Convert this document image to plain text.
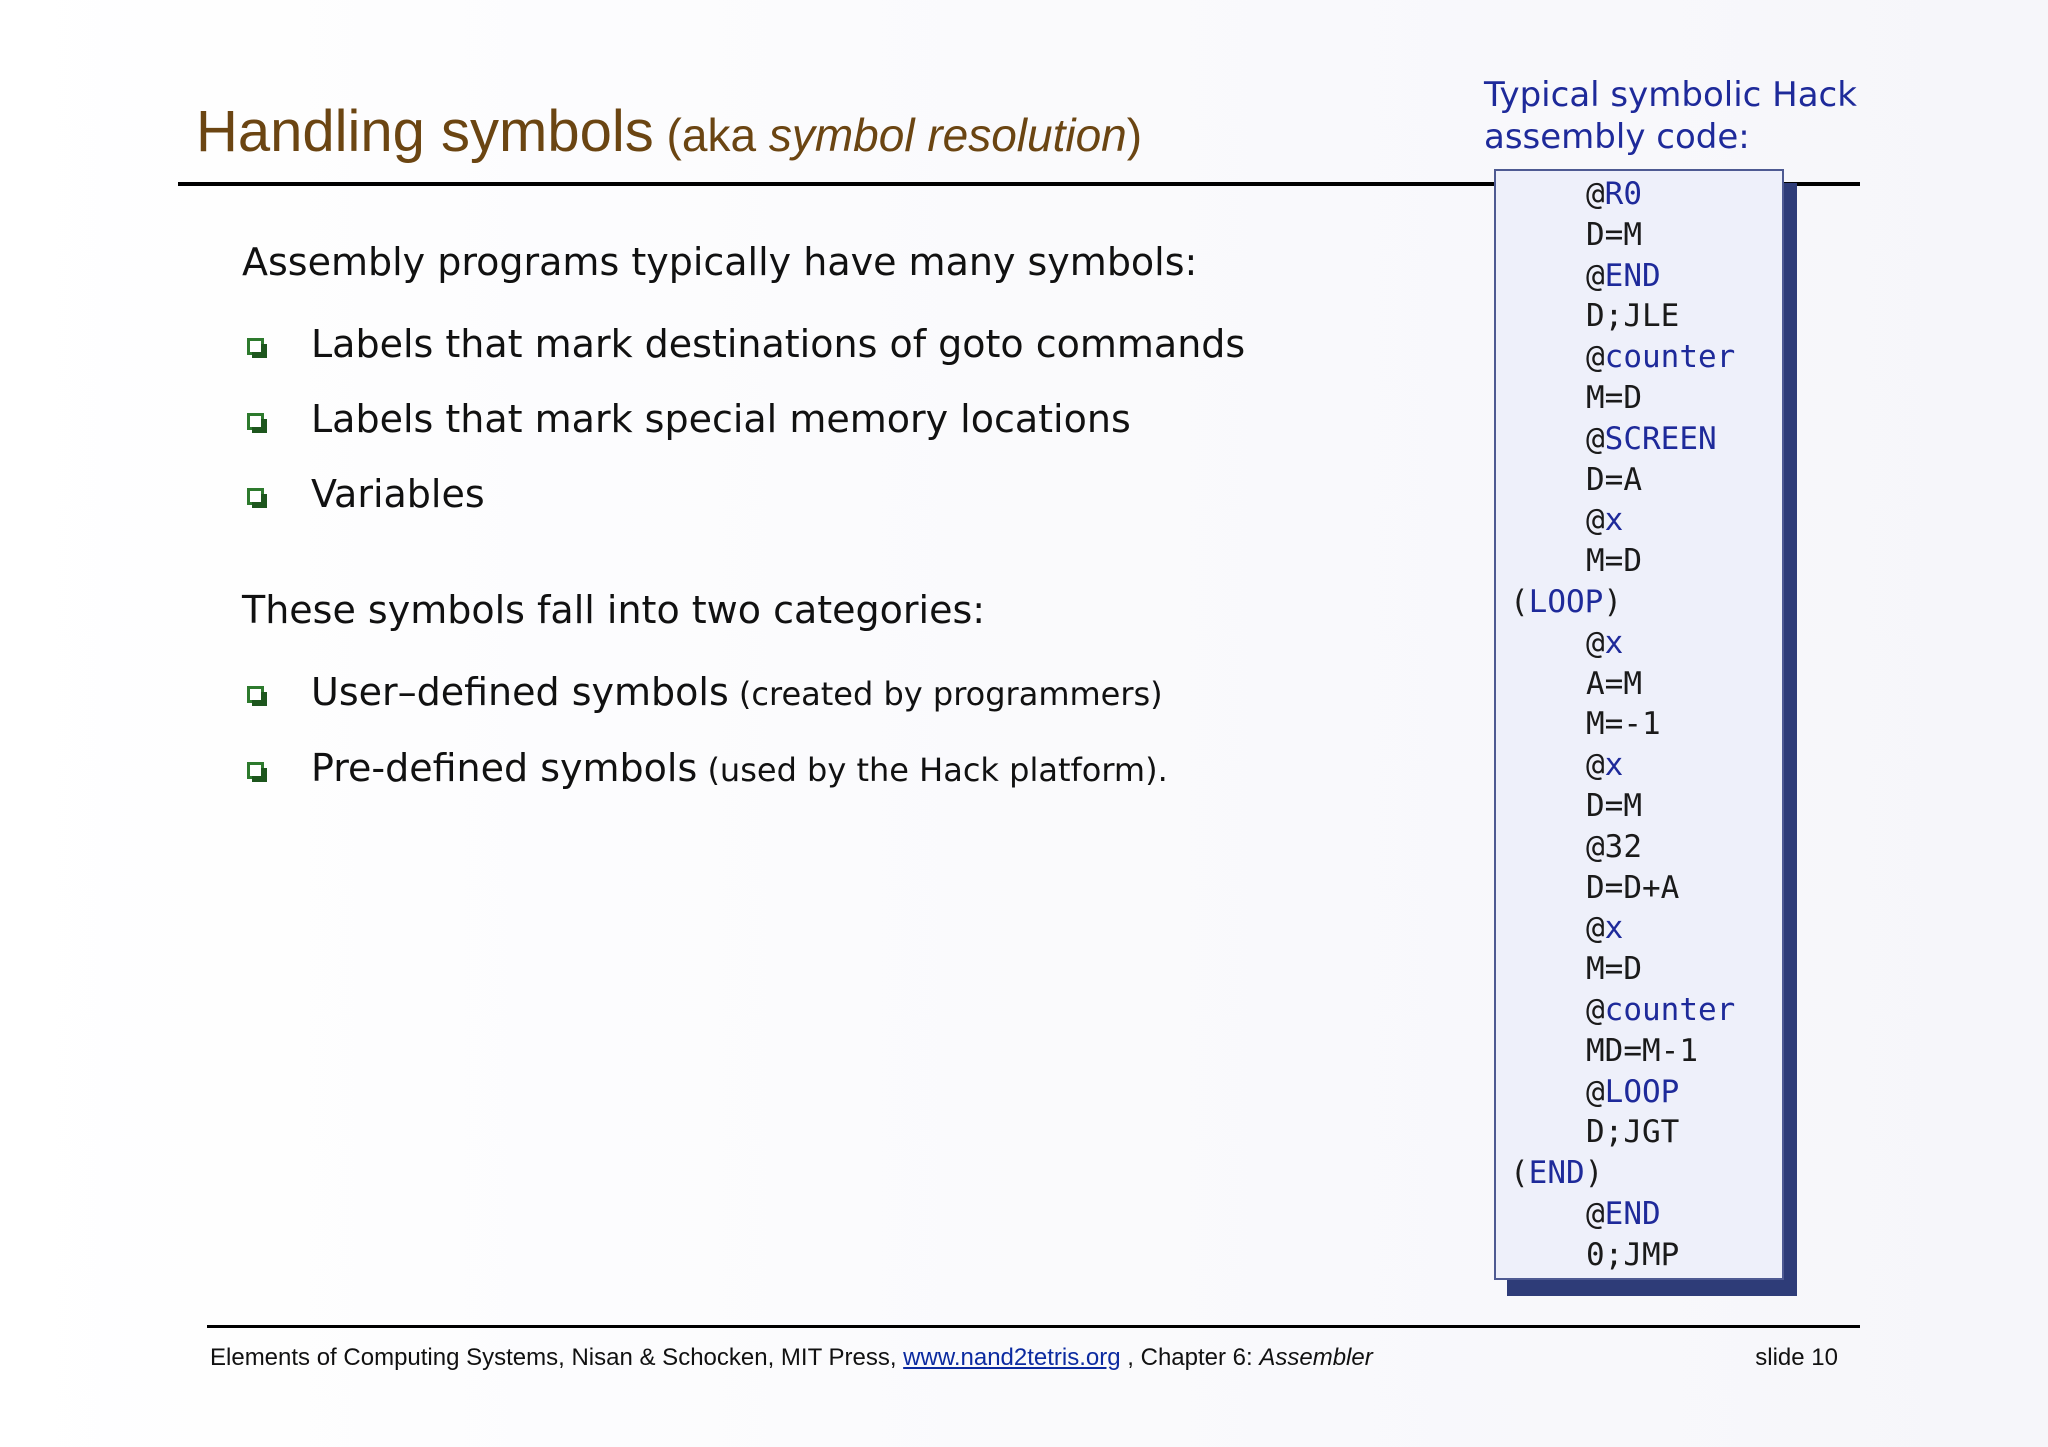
Handling symbols (aka symbol resolution)
Typical symbolic Hack
assembly code:
@R0
D=M
@END
D;JLE
@counter
M=D
@SCREEN
D=A
@x
M=D
(LOOP)
@x
A=M
M=-1
@x
D=M
@32
D=D+A
@x
M=D
@counter
MD=M-1
@LOOP
D;JGT
(END)
@END
0;JMP
Assembly programs typically have many symbols:
Labels that mark destinations of goto commands
Labels that mark special memory locations
Variables
These symbols fall into two categories:
User–defined symbols (created by programmers)
Pre-defined symbols (used by the Hack platform).
Elements of Computing Systems, Nisan & Schocken, MIT Press, www.nand2tetris.org , Chapter 6: Assembler	slide 10
